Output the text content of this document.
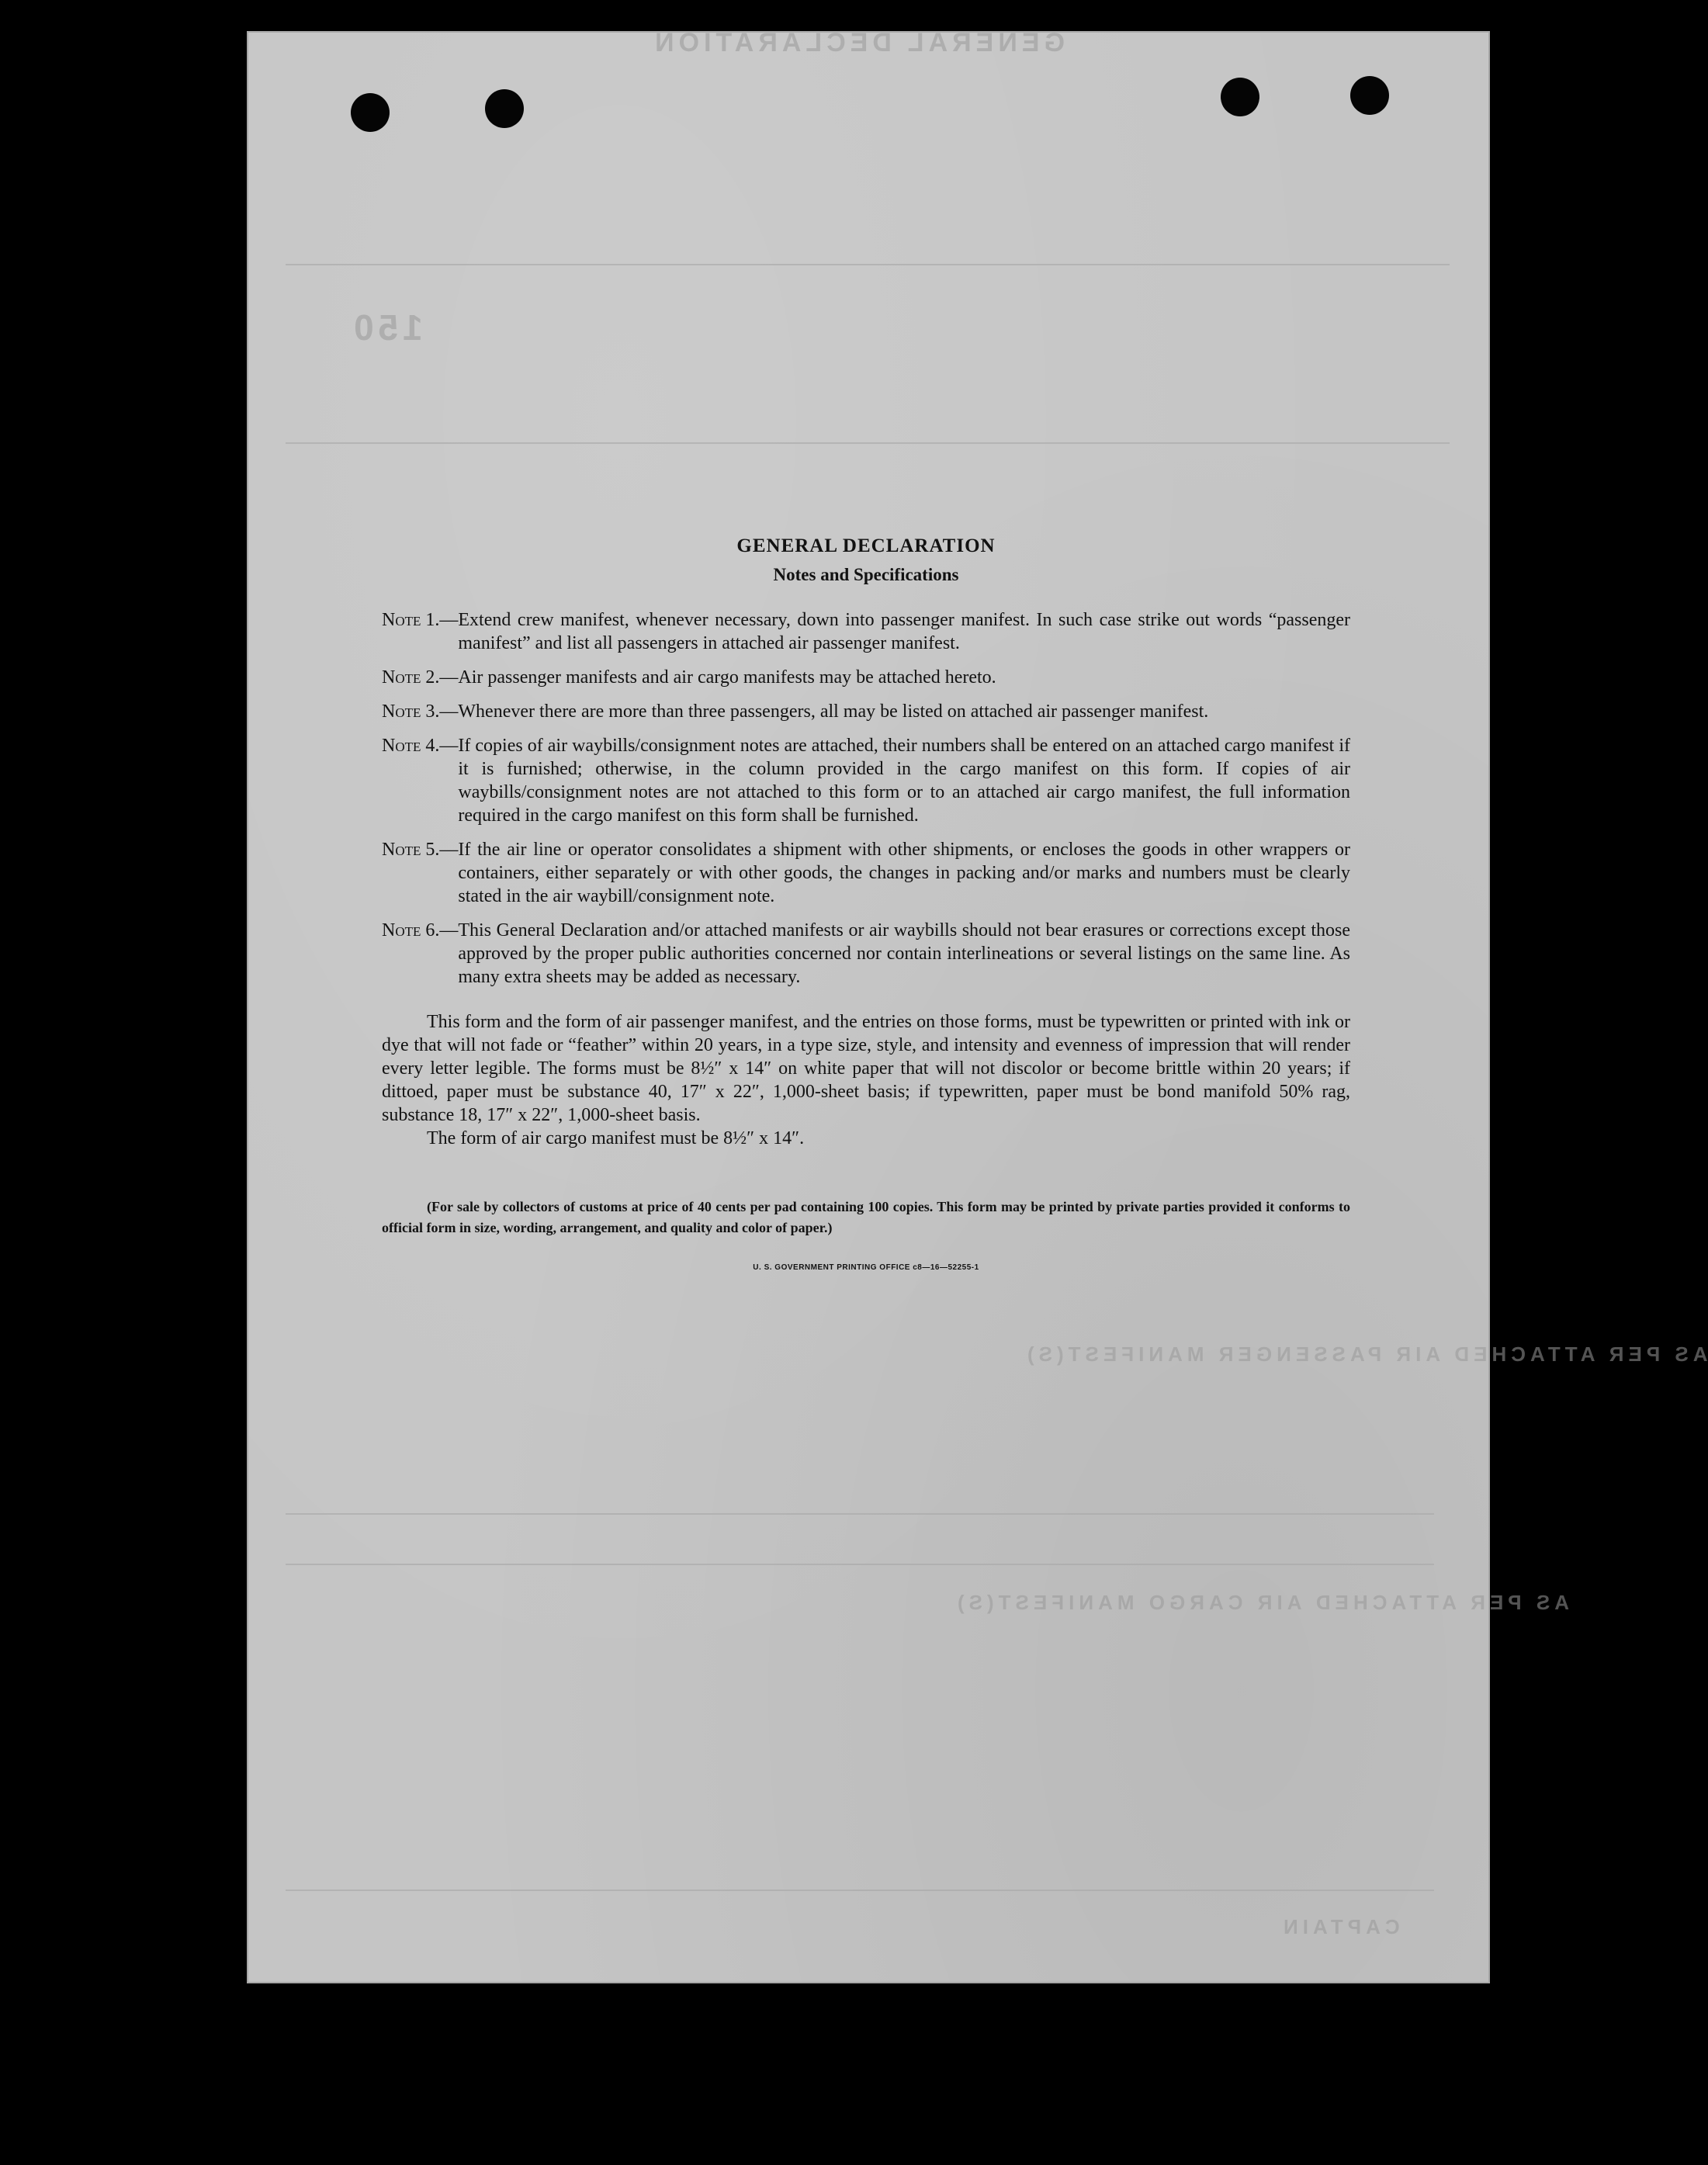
GENERAL DECLARATION
150
AS PER ATTACHED AIR PASSENGER MANIFEST(S)
AS PER ATTACHED AIR CARGO MANIFEST(S)
CAPTAIN
GENERAL DECLARATION
Notes and Specifications
Note 1. — Extend crew manifest, whenever necessary, down into passenger manifest. In such case strike out words “passenger manifest” and list all passengers in attached air passenger manifest.
Note 2. — Air passenger manifests and air cargo manifests may be attached hereto.
Note 3. — Whenever there are more than three passengers, all may be listed on attached air passenger manifest.
Note 4. — If copies of air waybills/consignment notes are attached, their numbers shall be entered on an attached cargo manifest if it is furnished; otherwise, in the column provided in the cargo manifest on this form. If copies of air waybills/consignment notes are not attached to this form or to an attached air cargo manifest, the full information required in the cargo manifest on this form shall be furnished.
Note 5. — If the air line or operator consolidates a shipment with other shipments, or encloses the goods in other wrappers or containers, either separately or with other goods, the changes in packing and/or marks and numbers must be clearly stated in the air waybill/consignment note.
Note 6. — This General Declaration and/or attached manifests or air waybills should not bear erasures or corrections except those approved by the proper public authorities concerned nor contain interlineations or several listings on the same line. As many extra sheets may be added as necessary.

This form and the form of air passenger manifest, and the entries on those forms, must be typewritten or printed with ink or dye that will not fade or “feather” within 20 years, in a type size, style, and intensity and evenness of impression that will render every letter legible. The forms must be 8½″ x 14″ on white paper that will not discolor or become brittle within 20 years; if dittoed, paper must be substance 40, 17″ x 22″, 1,000-sheet basis; if typewritten, paper must be bond manifold 50% rag, substance 18, 17″ x 22″, 1,000-sheet basis.

The form of air cargo manifest must be 8½″ x 14″.

(For sale by collectors of customs at price of 40 cents per pad containing 100 copies. This form may be printed by private parties provided it conforms to official form in size, wording, arrangement, and quality and color of paper.)
U. S. GOVERNMENT PRINTING OFFICE c8—16—52255-1
